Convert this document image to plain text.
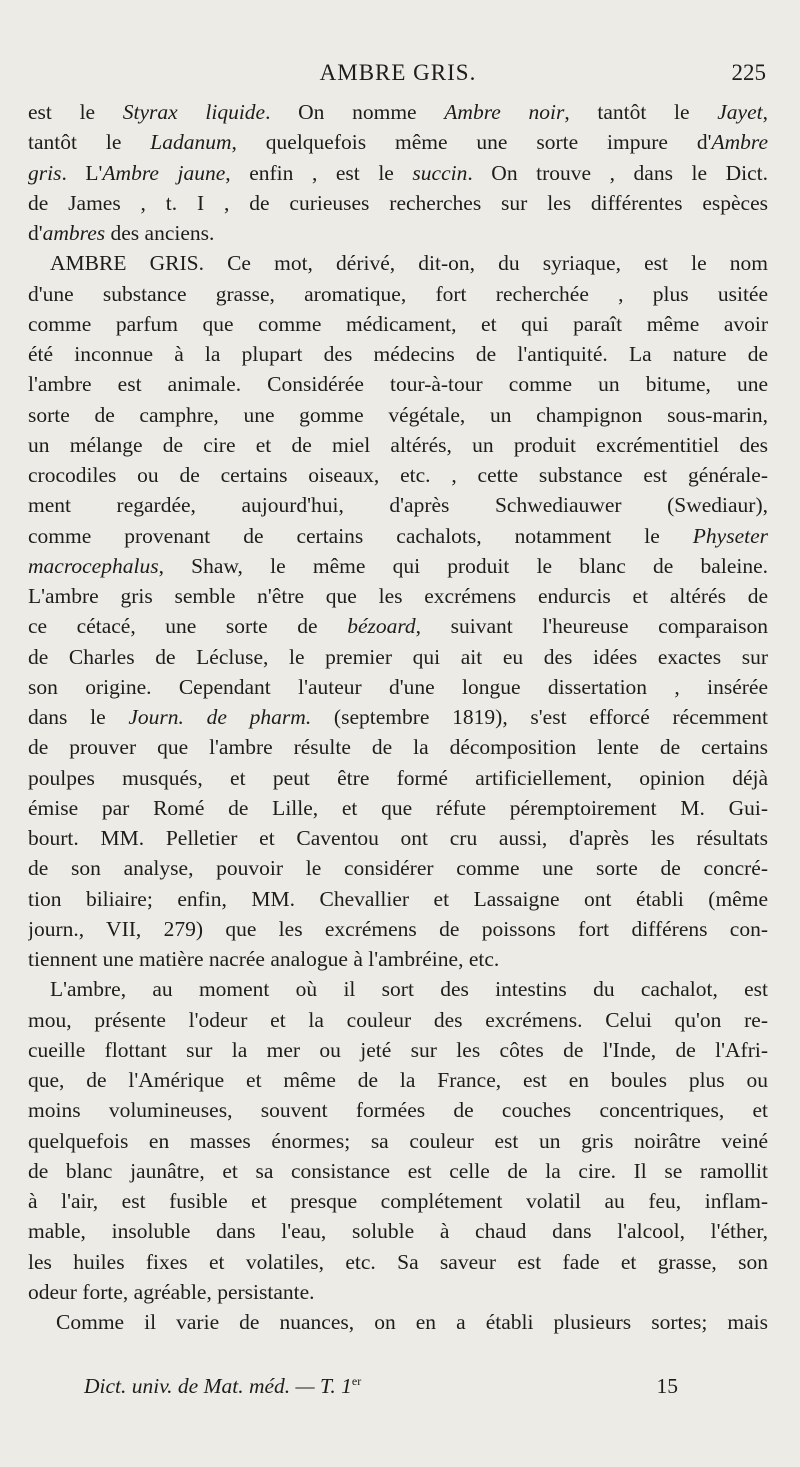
AMBRE GRIS.	225
est le Styrax liquide. On nomme Ambre noir, tantôt le Jayet,
tantôt le Ladanum, quelquefois même une sorte impure d'Ambre
gris. L'Ambre jaune, enfin , est le succin. On trouve , dans le Dict.
de James , t. I , de curieuses recherches sur les différentes espèces
d'ambres des anciens.
AMBRE GRIS. Ce mot, dérivé, dit-on, du syriaque, est le nom
d'une substance grasse, aromatique, fort recherchée , plus usitée
comme parfum que comme médicament, et qui paraît même avoir
été inconnue à la plupart des médecins de l'antiquité. La nature de
l'ambre est animale. Considérée tour-à-tour comme un bitume, une
sorte de camphre, une gomme végétale, un champignon sous-marin,
un mélange de cire et de miel altérés, un produit excrémentitiel des
crocodiles ou de certains oiseaux, etc. , cette substance est générale-
ment regardée, aujourd'hui, d'après Schwediauwer (Swediaur),
comme provenant de certains cachalots, notamment le Physeter
macrocephalus, Shaw, le même qui produit le blanc de baleine.
L'ambre gris semble n'être que les excrémens endurcis et altérés de
ce cétacé, une sorte de bézoard, suivant l'heureuse comparaison
de Charles de Lécluse, le premier qui ait eu des idées exactes sur
son origine. Cependant l'auteur d'une longue dissertation , insérée
dans le Journ. de pharm. (septembre 1819), s'est efforcé récemment
de prouver que l'ambre résulte de la décomposition lente de certains
poulpes musqués, et peut être formé artificiellement, opinion déjà
émise par Romé de Lille, et que réfute péremptoirement M. Gui-
bourt. MM. Pelletier et Caventou ont cru aussi, d'après les résultats
de son analyse, pouvoir le considérer comme une sorte de concré-
tion biliaire; enfin, MM. Chevallier et Lassaigne ont établi (même
journ., VII, 279) que les excrémens de poissons fort différens con-
tiennent une matière nacrée analogue à l'ambréine, etc.
L'ambre, au moment où il sort des intestins du cachalot, est
mou, présente l'odeur et la couleur des excrémens. Celui qu'on re-
cueille flottant sur la mer ou jeté sur les côtes de l'Inde, de l'Afri-
que, de l'Amérique et même de la France, est en boules plus ou
moins volumineuses, souvent formées de couches concentriques, et
quelquefois en masses énormes; sa couleur est un gris noirâtre veiné
de blanc jaunâtre, et sa consistance est celle de la cire. Il se ramollit
à l'air, est fusible et presque complétement volatil au feu, inflam-
mable, insoluble dans l'eau, soluble à chaud dans l'alcool, l'éther,
les huiles fixes et volatiles, etc. Sa saveur est fade et grasse, son
odeur forte, agréable, persistante.
Comme il varie de nuances, on en a établi plusieurs sortes; mais
Dict. univ. de Mat. méd. — T. 1er	15
